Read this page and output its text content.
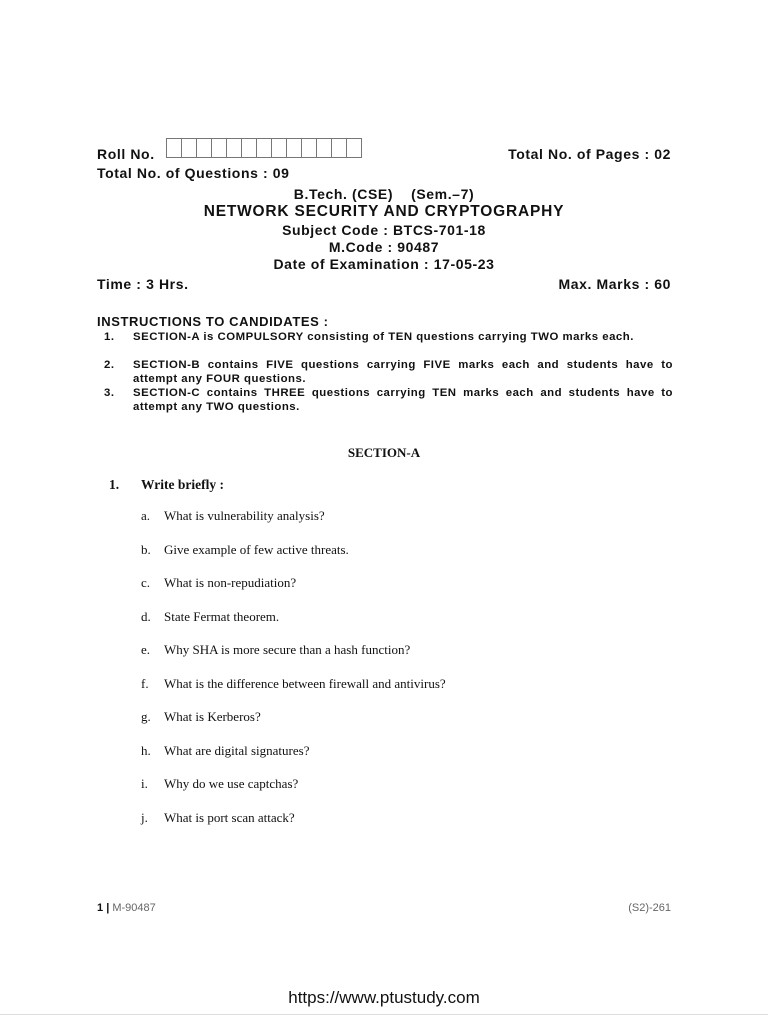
Roll No.	Total No. of Pages : 02
Total No. of Questions : 09
B.Tech. (CSE) (Sem.–7)
NETWORK SECURITY AND CRYPTOGRAPHY
Subject Code : BTCS-701-18
M.Code : 90487
Date of Examination : 17-05-23
Time : 3 Hrs.	Max. Marks : 60
INSTRUCTIONS TO CANDIDATES :
1. SECTION-A is COMPULSORY consisting of TEN questions carrying TWO marks each.
2. SECTION-B contains FIVE questions carrying FIVE marks each and students have to attempt any FOUR questions.
3. SECTION-C contains THREE questions carrying TEN marks each and students have to attempt any TWO questions.
SECTION-A
1. Write briefly :
a. What is vulnerability analysis?
b. Give example of few active threats.
c. What is non-repudiation?
d. State Fermat theorem.
e. Why SHA is more secure than a hash function?
f. What is the difference between firewall and antivirus?
g. What is Kerberos?
h. What are digital signatures?
i. Why do we use captchas?
j. What is port scan attack?
1 | M-90487	(S2)-261
https://www.ptustudy.com
